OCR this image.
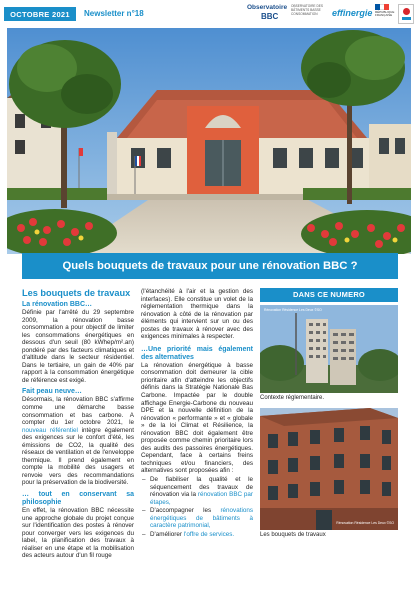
OCTOBRE 2021	Newsletter n°18
Observatoire
BBC
OBSERVATOIRE DES BÂTIMENTS BASSE CONSOMMATION	effinergie RÉPUBLIQUE FRANÇAISE
Quels bouquets de travaux pour une rénovation BBC ?
Les bouquets de travaux
La rénovation BBC…

Définie par l'arrêté du 29 septembre 2009, la rénovation basse consommation a pour objectif de limiter les consommations énergétiques en dessous d'un seuil (80 kWhep/m².an) pondéré par des facteurs climatiques et d'altitude dans le secteur résidentiel. Dans le tertiaire, un gain de 40% par rapport à la consommation énergétique de référence est exigé.

Fait peau neuve…

Désormais, la rénovation BBC s'affirme comme une démarche basse consommation et bas carbone. A compter du 1er octobre 2021, le nouveau référentiel intègre également des exigences sur le confort d'été, les émissions de CO2, la qualité des réseaux de ventilation et de l'enveloppe thermique. Il prend également en compte la mobilité des usagers et renvoie vers des recommandations pour la préservation de la biodiversité.

… tout en conservant sa philosophie

En effet, la rénovation BBC nécessite une approche globale du projet conçue sur l'identification des postes à rénover pour converger vers les exigences du label, la planification des travaux à réaliser en une étape et la mobilisation des acteurs autour d'un fil rouge

(l'étanchéité à l'air et la gestion des interfaces). Elle constitue un volet de la réglementation thermique dans la rénovation à côté de la rénovation par éléments qui intervient sur un ou des postes de travaux à rénover avec des exigences minimales à respecter.

…Une priorité mais également des alternatives

La rénovation énergétique à basse consommation doit demeurer la cible prioritaire afin d'atteindre les objectifs définis dans la Stratégie Nationale Bas Carbone. Impactée par le double affichage Energie-Carbone du nouveau DPE et la nouvelle définition de la rénovation « performante » et « globale » de la loi Climat et Résilience, la rénovation BBC doit également être proposée comme chemin prioritaire lors des audits des passoires énergétiques. Cependant, face à certains freins techniques et/ou financiers, des alternatives sont proposées afin :

– De fiabiliser la qualité et le séquencement des travaux de rénovation via la rénovation BBC par étapes,
– D'accompagner les rénovations énergétiques de bâtiments à caractère patrimonial,
– D'améliorer l'offre de services.
DANS CE NUMERO
Rénovation Résidence Les Deux ©SO
Contexte réglementaire.
Rénovation Résidence Les Deux ©SO
Les bouquets de travaux
